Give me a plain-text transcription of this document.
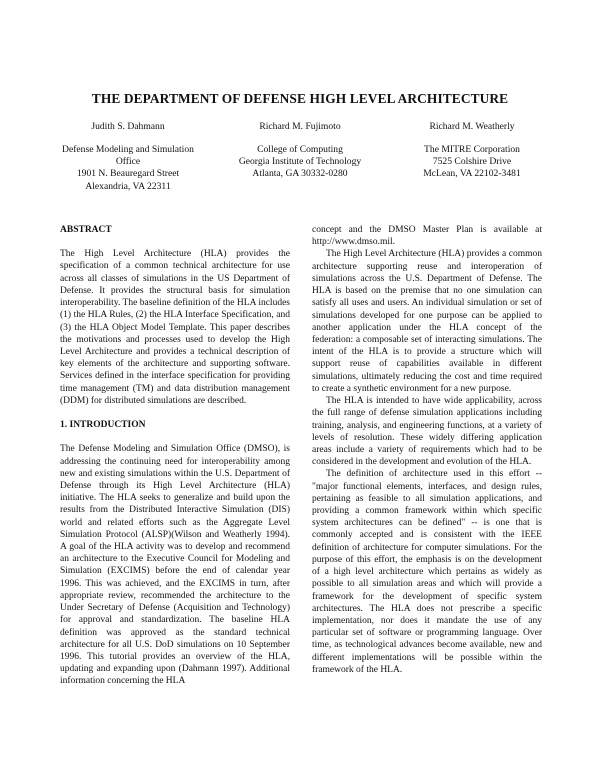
THE DEPARTMENT OF DEFENSE HIGH LEVEL ARCHITECTURE
Judith S. Dahmann
Defense Modeling and Simulation
Office
1901 N. Beauregard Street
Alexandria, VA 22311
Richard M. Fujimoto
College of Computing
Georgia Institute of Technology
Atlanta, GA 30332-0280
Richard M. Weatherly
The MITRE Corporation
7525 Colshire Drive
McLean, VA 22102-3481

ABSTRACT

The High Level Architecture (HLA) provides the specification of a common technical architecture for use across all classes of simulations in the US Department of Defense. It provides the structural basis for simulation interoperability. The baseline definition of the HLA includes (1) the HLA Rules, (2) the HLA Interface Specification, and (3) the HLA Object Model Template. This paper describes the motivations and processes used to develop the High Level Architecture and provides a technical description of key elements of the architecture and supporting software. Services defined in the interface specification for providing time management (TM) and data distribution management (DDM) for distributed simulations are described.

1. INTRODUCTION

The Defense Modeling and Simulation Office (DMSO), is addressing the continuing need for interoperability among new and existing simulations within the U.S. Department of Defense through its High Level Architecture (HLA) initiative. The HLA seeks to generalize and build upon the results from the Distributed Interactive Simulation (DIS) world and related efforts such as the Aggregate Level Simulation Protocol (ALSP)(Wilson and Weatherly 1994). A goal of the HLA activity was to develop and recommend an architecture to the Executive Council for Modeling and Simulation (EXCIMS) before the end of calendar year 1996. This was achieved, and the EXCIMS in turn, after appropriate review, recommended the architecture to the Under Secretary of Defense (Acquisition and Technology) for approval and standardization. The baseline HLA definition was approved as the standard technical architecture for all U.S. DoD simulations on 10 September 1996. This tutorial provides an overview of the HLA, updating and expanding upon (Dahmann 1997). Additional information concerning the HLA

concept and the DMSO Master Plan is available at http://www.dmso.mil.

The High Level Architecture (HLA) provides a common architecture supporting reuse and interoperation of simulations across the U.S. Department of Defense. The HLA is based on the premise that no one simulation can satisfy all uses and users. An individual simulation or set of simulations developed for one purpose can be applied to another application under the HLA concept of the federation: a composable set of interacting simulations. The intent of the HLA is to provide a structure which will support reuse of capabilities available in different simulations, ultimately reducing the cost and time required to create a synthetic environment for a new purpose.

The HLA is intended to have wide applicability, across the full range of defense simulation applications including training, analysis, and engineering functions, at a variety of levels of resolution. These widely differing application areas include a variety of requirements which had to be considered in the development and evolution of the HLA.

The definition of architecture used in this effort -- "major functional elements, interfaces, and design rules, pertaining as feasible to all simulation applications, and providing a common framework within which specific system architectures can be defined" -- is one that is commonly accepted and is consistent with the IEEE definition of architecture for computer simulations. For the purpose of this effort, the emphasis is on the development of a high level architecture which pertains as widely as possible to all simulation areas and which will provide a framework for the development of specific system architectures. The HLA does not prescribe a specific implementation, nor does it mandate the use of any particular set of software or programming language. Over time, as technological advances become available, new and different implementations will be possible within the framework of the HLA.
